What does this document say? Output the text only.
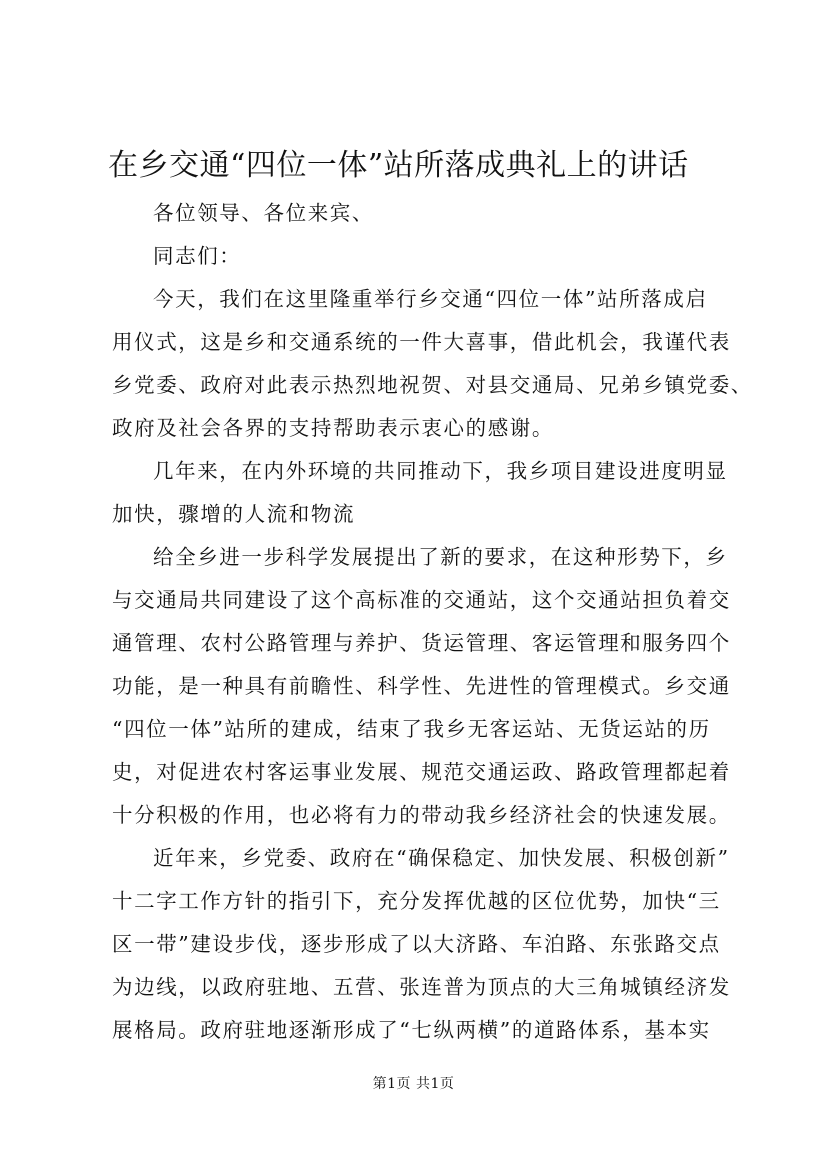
在乡交通“四位一体”站所落成典礼上的讲话

各位领导、各位来宾、

同志们：

今天，我们在这里隆重举行乡交通“四位一体”站所落成启

用仪式，这是乡和交通系统的一件大喜事，借此机会，我谨代表

乡党委、政府对此表示热烈地祝贺、对县交通局、兄弟乡镇党委、

政府及社会各界的支持帮助表示衷心的感谢。

几年来，在内外环境的共同推动下，我乡项目建设进度明显

加快，骤增的人流和物流

给全乡进一步科学发展提出了新的要求，在这种形势下，乡

与交通局共同建设了这个高标准的交通站，这个交通站担负着交

通管理、农村公路管理与养护、货运管理、客运管理和服务四个

功能，是一种具有前瞻性、科学性、先进性的管理模式。乡交通

“四位一体”站所的建成，结束了我乡无客运站、无货运站的历

史，对促进农村客运事业发展、规范交通运政、路政管理都起着

十分积极的作用，也必将有力的带动我乡经济社会的快速发展。

近年来，乡党委、政府在“确保稳定、加快发展、积极创新”

十二字工作方针的指引下，充分发挥优越的区位优势，加快“三

区一带”建设步伐，逐步形成了以大济路、车泊路、东张路交点

为边线，以政府驻地、五营、张连普为顶点的大三角城镇经济发

展格局。政府驻地逐渐形成了“七纵两横”的道路体系，基本实

第1页 共1页
